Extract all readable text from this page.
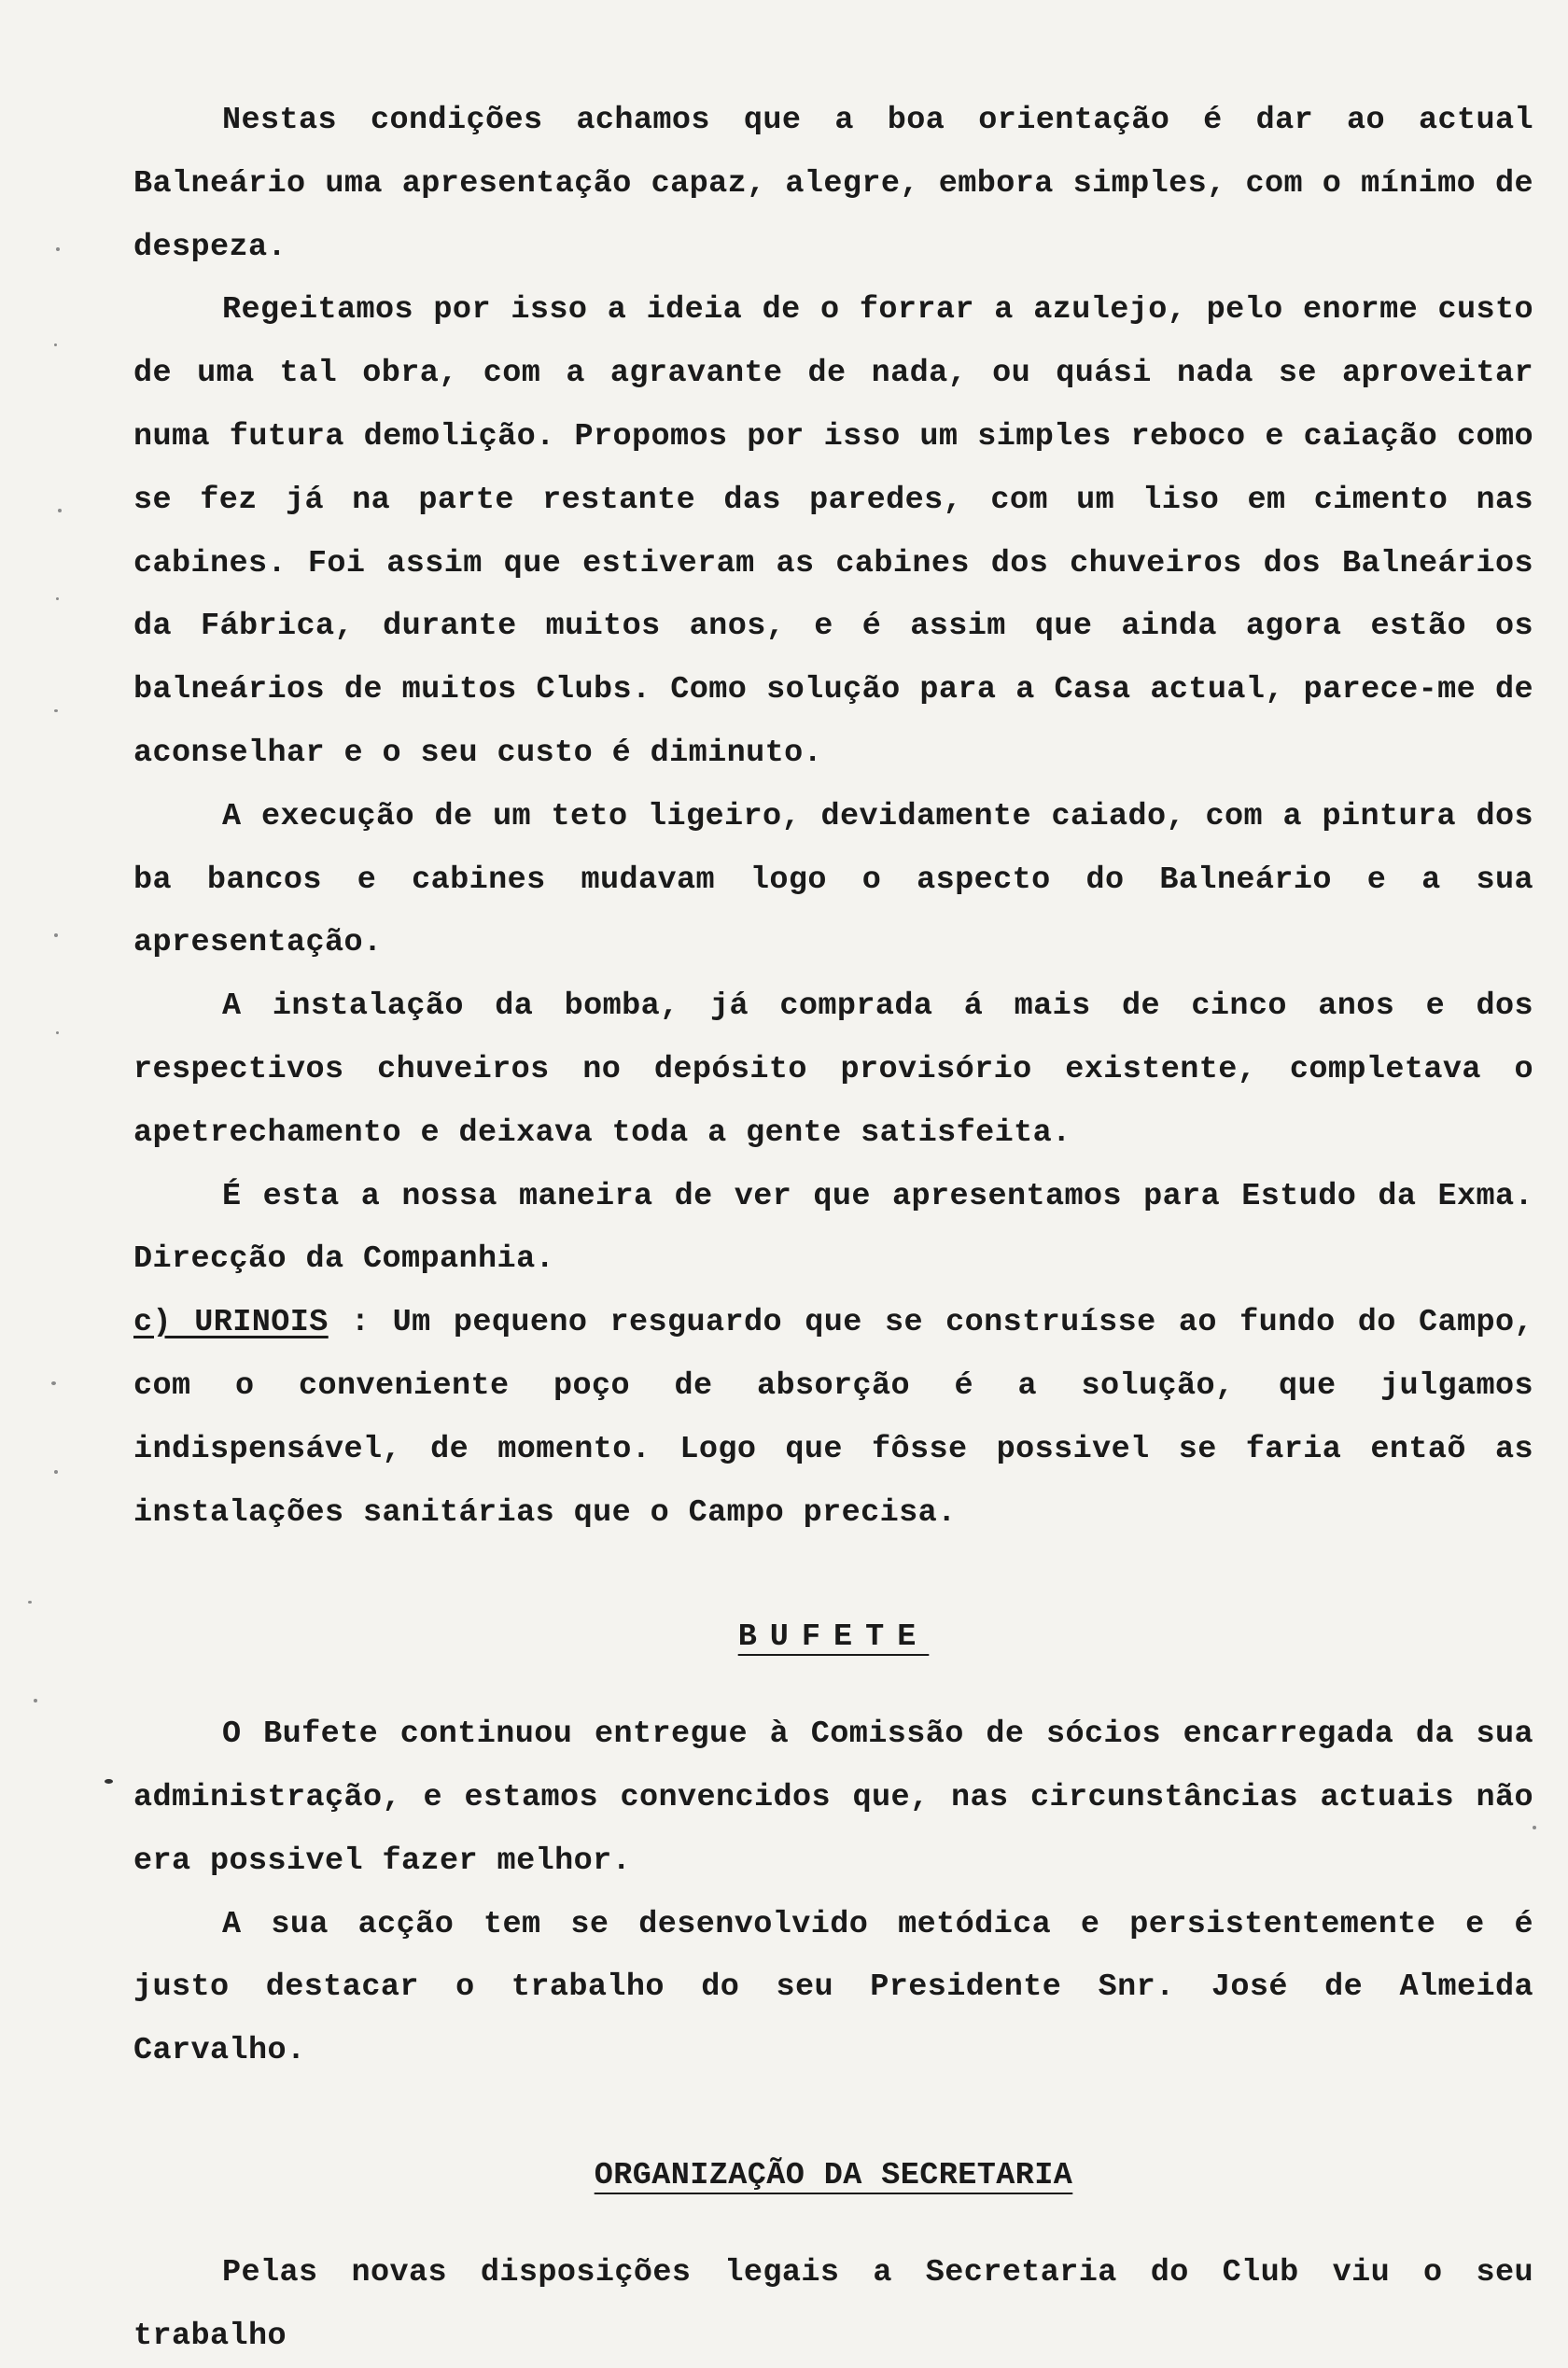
Nestas condições achamos que a boa orientação é dar ao actual Balneário uma apresentação capaz, alegre, embora simples, com o mínimo de despeza.

Regeitamos por isso a ideia de o forrar a azulejo, pelo enorme custo de uma tal obra, com a agravante de nada, ou quási nada se aproveitar numa futura demolição. Propomos por isso um simples reboco e caiação como se fez já na parte restante das paredes, com um liso em cimento nas cabines. Foi assim que estiveram as cabines dos chuveiros dos Balneários da Fábrica, durante muitos anos, e é assim que ainda agora estão os balneários de muitos Clubs. Como solução para a Casa actual, parece-me de aconselhar e o seu custo é diminuto.

A execução de um teto ligeiro, devidamente caiado, com a pintura dos ba bancos e cabines mudavam logo o aspecto do Balneário e a sua apresentação.

A instalação da bomba, já comprada á mais de cinco anos e dos respectivos chuveiros no depósito provisório existente, completava o apetrechamento e deixava toda a gente satisfeita.

É esta a nossa maneira de ver que apresentamos para Estudo da Exma. Direcção da Companhia.

c) URINOIS : Um pequeno resguardo que se construísse ao fundo do Campo, com o conveniente poço de absorção é a solução, que julgamos indispensável, de momento. Logo que fôsse possivel se faria entaõ as instalações sanitárias que o Campo precisa.

BUFETE

O Bufete continuou entregue à Comissão de sócios encarregada da sua administração, e estamos convencidos que, nas circunstâncias actuais não era possivel fazer melhor.

A sua acção tem se desenvolvido metódica e persistentemente e é justo destacar o trabalho do seu Presidente Snr. José de Almeida Carvalho.

ORGANIZAÇÃO DA SECRETARIA

Pelas novas disposições legais a Secretaria do Club viu o seu trabalho
